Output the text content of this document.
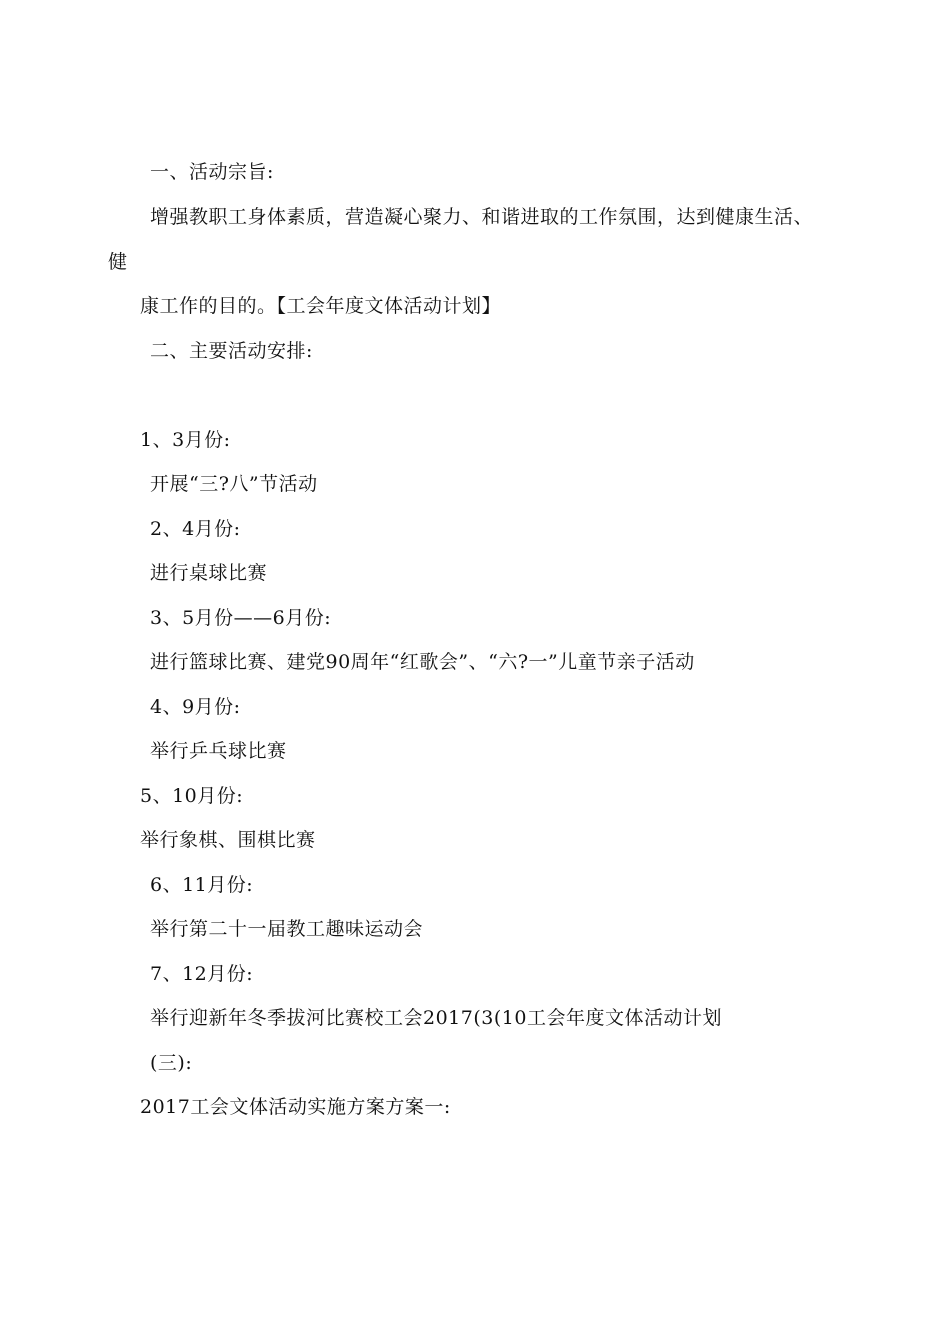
一、活动宗旨:
增强教职工身体素质，营造凝心聚力、和谐进取的工作氛围，达到健康生活、
健
康工作的目的。【工会年度文体活动计划】
二、主要活动安排:
1、3月份:
开展“三?八”节活动
2、4月份:
进行桌球比赛
3、5月份——6月份:
进行篮球比赛、建党90周年“红歌会”、“六?一”儿童节亲子活动
4、9月份:
举行乒乓球比赛
5、10月份:
举行象棋、围棋比赛
6、11月份:
举行第二十一届教工趣味运动会
7、12月份:
举行迎新年冬季拔河比赛校工会2017(3(10工会年度文体活动计划
(三):
2017工会文体活动实施方案方案一:
